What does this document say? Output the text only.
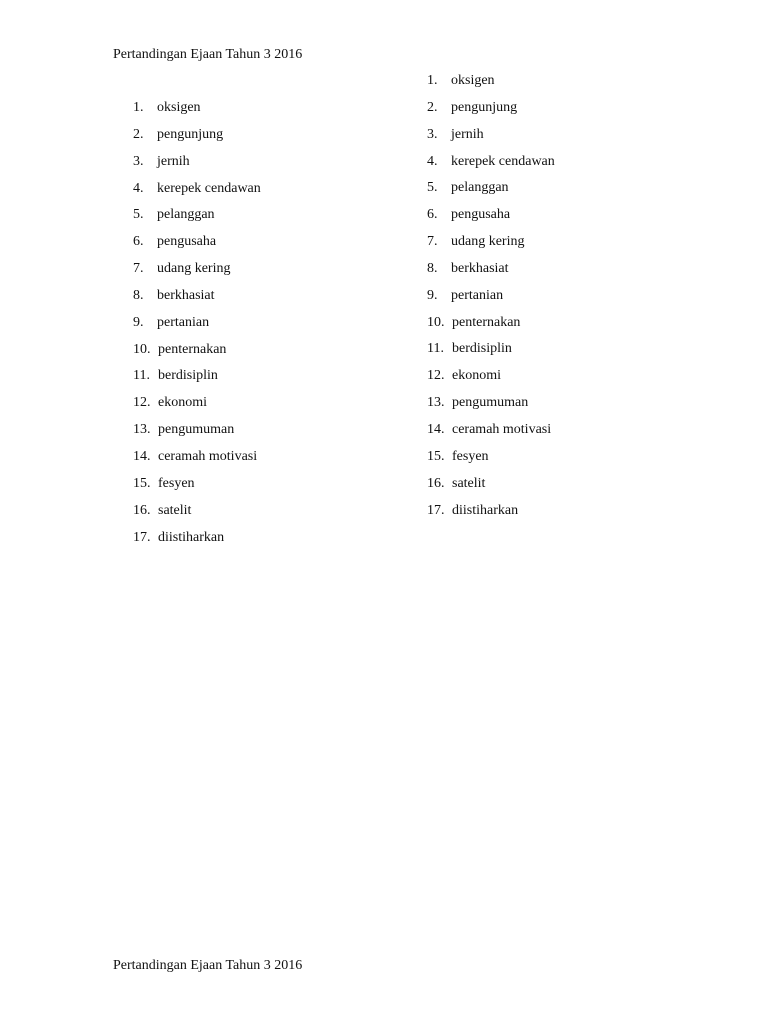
Pertandingan Ejaan Tahun 3 2016
1. oksigen
2. pengunjung
3. jernih
4. kerepek cendawan
5. pelanggan
6. pengusaha
7. udang kering
8. berkhasiat
9. pertanian
10. penternakan
11. berdisiplin
12. ekonomi
13. pengumuman
14. ceramah motivasi
15. fesyen
16. satelit
17. diistiharkan
1. oksigen
2. pengunjung
3. jernih
4. kerepek cendawan
5. pelanggan
6. pengusaha
7. udang kering
8. berkhasiat
9. pertanian
10. penternakan
11. berdisiplin
12. ekonomi
13. pengumuman
14. ceramah motivasi
15. fesyen
16. satelit
17. diistiharkan
Pertandingan Ejaan Tahun 3 2016
